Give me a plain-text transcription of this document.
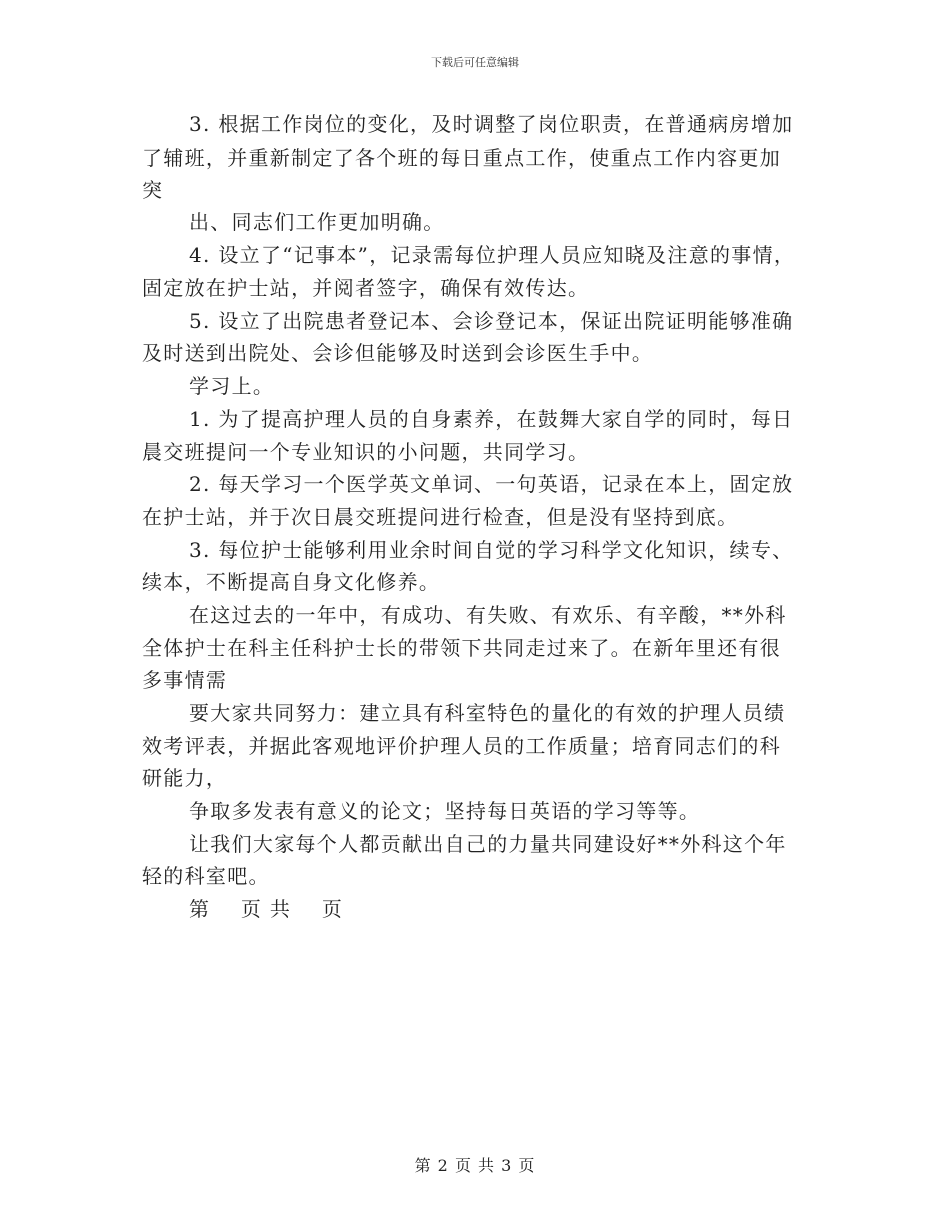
下载后可任意编辑
3. 根据工作岗位的变化，及时调整了岗位职责，在普通病房增加
了辅班，并重新制定了各个班的每日重点工作，使重点工作内容更加
突
出、同志们工作更加明确。
4. 设立了“记事本”，记录需每位护理人员应知晓及注意的事情，
固定放在护士站，并阅者签字，确保有效传达。
5. 设立了出院患者登记本、会诊登记本，保证出院证明能够准确
及时送到出院处、会诊但能够及时送到会诊医生手中。
学习上。
1. 为了提高护理人员的自身素养，在鼓舞大家自学的同时，每日
晨交班提问一个专业知识的小问题，共同学习。
2. 每天学习一个医学英文单词、一句英语，记录在本上，固定放
在护士站，并于次日晨交班提问进行检查，但是没有坚持到底。
3. 每位护士能够利用业余时间自觉的学习科学文化知识，续专、
续本，不断提高自身文化修养。
在这过去的一年中，有成功、有失败、有欢乐、有辛酸，**外科
全体护士在科主任科护士长的带领下共同走过来了。在新年里还有很
多事情需
要大家共同努力：建立具有科室特色的量化的有效的护理人员绩
效考评表，并据此客观地评价护理人员的工作质量；培育同志们的科
研能力，
争取多发表有意义的论文；坚持每日英语的学习等等。
让我们大家每个人都贡献出自己的力量共同建设好**外科这个年
轻的科室吧。
第    页 共    页
第 2 页 共 3 页
